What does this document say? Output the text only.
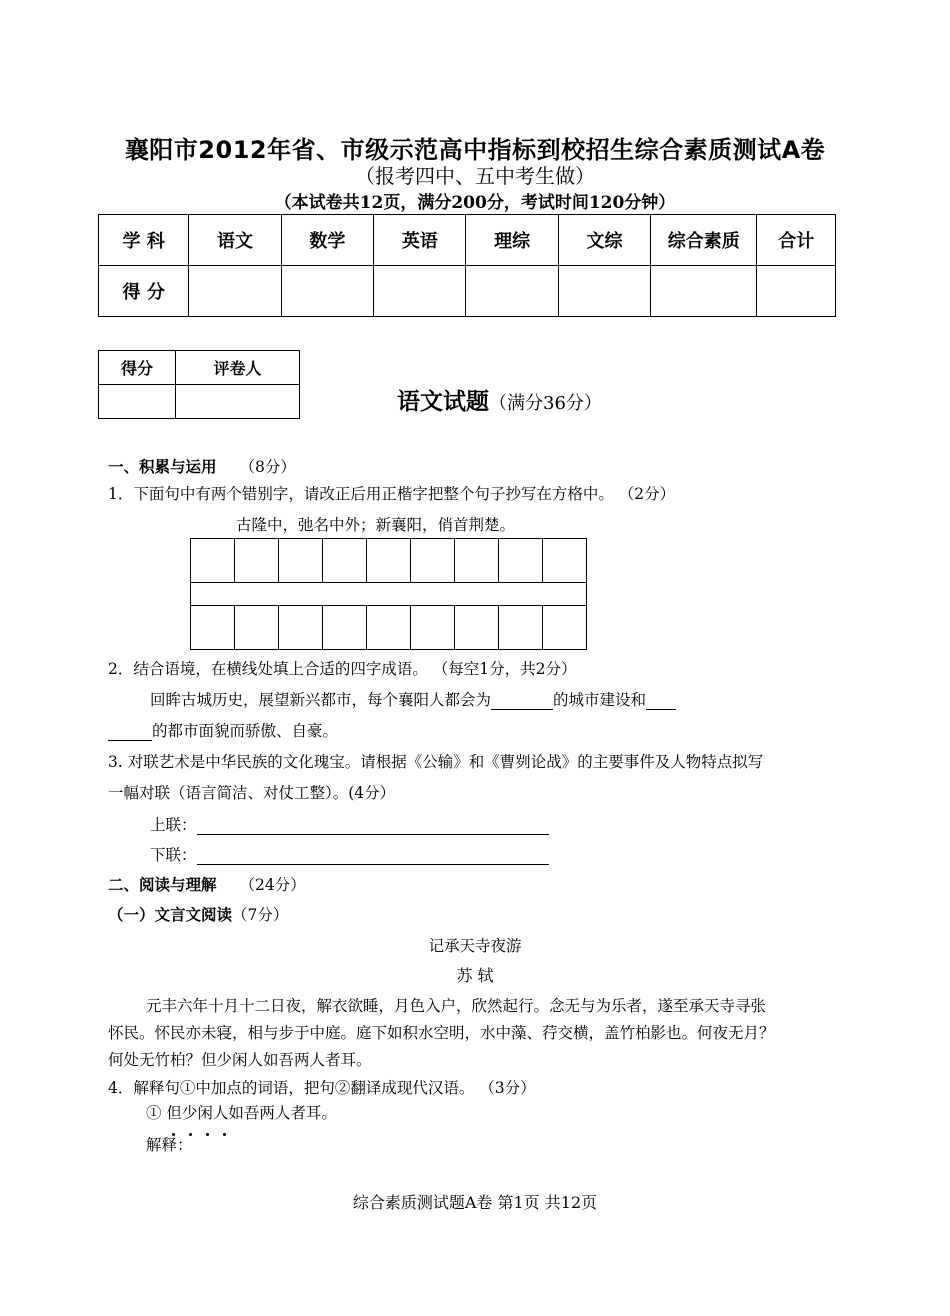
襄阳市2012年省、市级示范高中指标到校招生综合素质测试A卷
（报考四中、五中考生做）
（本试卷共12页，满分200分，考试时间120分钟）
学 科	语文	数学	英语	理综	文综	综合素质	合计
得 分							
得分	评卷人

语文试题（满分36分）
一、积累与运用 （8分）
1．下面句中有两个错别字，请改正后用正楷字把整个句子抄写在方格中。 （2分）
古隆中，弛名中外；新襄阳，俏首荆楚。

2．结合语境，在横线处填上合适的四字成语。 （每空1分，共2分）
回眸古城历史，展望新兴都市，每个襄阳人都会为	的城市建设和
的都市面貌而骄傲、自豪。
3. 对联艺术是中华民族的文化瑰宝。请根据《公输》和《曹刿论战》的主要事件及人物特点拟写
一幅对联（语言简洁、对仗工整）。(4分）
上联：
下联：
二、阅读与理解 （24分）
（一）文言文阅读（7分）
记承天寺夜游
苏 轼
元丰六年十月十二日夜，解衣欲睡，月色入户，欣然起行。念无与为乐者，遂至承天寺寻张
怀民。怀民亦未寝，相与步于中庭。庭下如积水空明，水中藻、荇交横，盖竹柏影也。何夜无月？
何处无竹柏？但少闲人如吾两人者耳。
4．解释句①中加点的词语，把句②翻译成现代汉语。 （3分）
① 但少闲人如吾两人者耳。
解释：
综合素质测试题A卷 第1页 共12页
